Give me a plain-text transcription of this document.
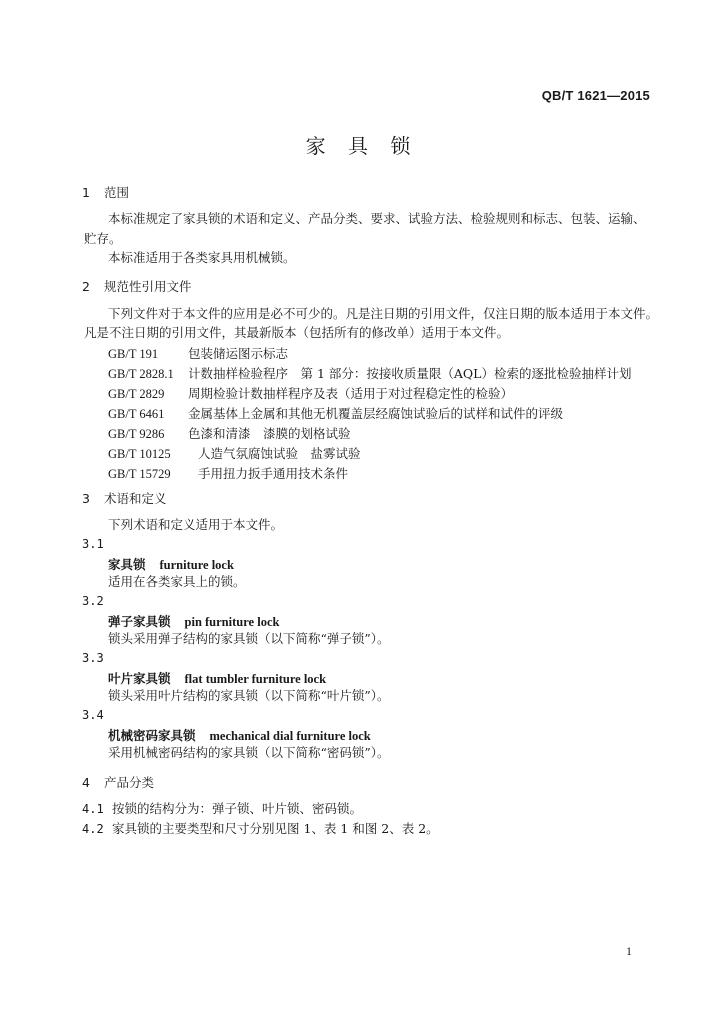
QB/T 1621—2015
家 具 锁
1 范围
本标准规定了家具锁的术语和定义、产品分类、要求、试验方法、检验规则和标志、包装、运输、
贮存。
本标准适用于各类家具用机械锁。
2 规范性引用文件
下列文件对于本文件的应用是必不可少的。凡是注日期的引用文件，仅注日期的版本适用于本文件。
凡是不注日期的引用文件，其最新版本（包括所有的修改单）适用于本文件。
GB/T 191 包装储运图示标志
GB/T 2828.1 计数抽样检验程序　第 1 部分：按接收质量限（AQL）检索的逐批检验抽样计划
GB/T 2829 周期检验计数抽样程序及表（适用于对过程稳定性的检验）
GB/T 6461 金属基体上金属和其他无机覆盖层经腐蚀试验后的试样和试件的评级
GB/T 9286 色漆和清漆　漆膜的划格试验
GB/T 10125 人造气氛腐蚀试验　盐雾试验
GB/T 15729 手用扭力扳手通用技术条件
3 术语和定义
下列术语和定义适用于本文件。
3.1
家具锁 furniture lock
适用在各类家具上的锁。
3.2
弹子家具锁 pin furniture lock
锁头采用弹子结构的家具锁（以下简称“弹子锁”）。
3.3
叶片家具锁 flat tumbler furniture lock
锁头采用叶片结构的家具锁（以下简称“叶片锁”）。
3.4
机械密码家具锁 mechanical dial furniture lock
采用机械密码结构的家具锁（以下简称“密码锁”）。
4 产品分类
4.1 按锁的结构分为：弹子锁、叶片锁、密码锁。
4.2 家具锁的主要类型和尺寸分别见图 1、表 1 和图 2、表 2。
1
